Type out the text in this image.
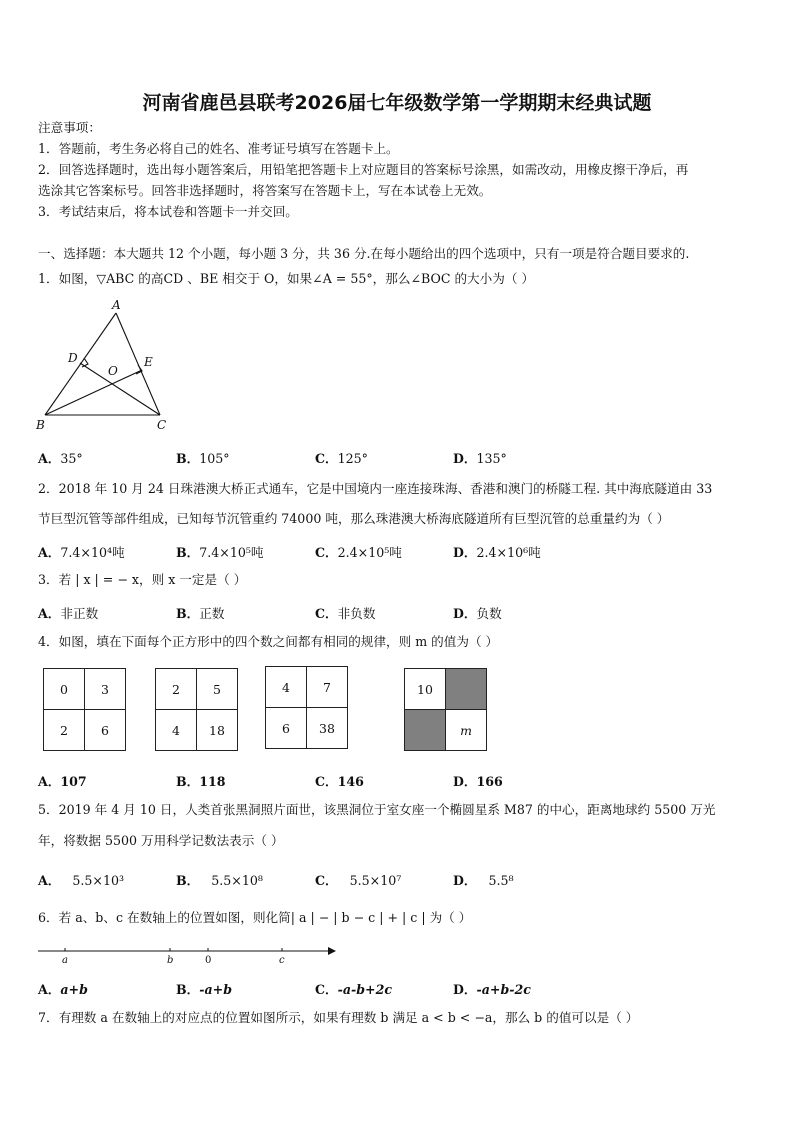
河南省鹿邑县联考2026届七年级数学第一学期期末经典试题
注意事项：
1．答题前，考生务必将自己的姓名、准考证号填写在答题卡上。
2．回答选择题时，选出每小题答案后，用铅笔把答题卡上对应题目的答案标号涂黑，如需改动，用橡皮擦干净后，再
选涂其它答案标号。回答非选择题时，将答案写在答题卡上，写在本试卷上无效。
3．考试结束后，将本试卷和答题卡一并交回。
一、选择题：本大题共 12 个小题，每小题 3 分，共 36 分.在每小题给出的四个选项中，只有一项是符合题目要求的.
1．如图，▽ABC 的高CD 、BE 相交于 O，如果∠A = 55°，那么∠BOC 的大小为（ ）
A
B	C
D	E
O
A．35°	B．105°	C．125°	D．135°
2．2018 年 10 月 24 日珠港澳大桥正式通车，它是中国境内一座连接珠海、香港和澳门的桥隧工程. 其中海底隧道由 33
节巨型沉管等部件组成，已知每节沉管重约 74000 吨，那么珠港澳大桥海底隧道所有巨型沉管的总重量约为（ ）
A．7.4×10⁴吨	B．7.4×10⁵吨	C．2.4×10⁵吨	D．2.4×10⁶吨
3．若 | x | = − x，则 x 一定是（ ）
A．非正数	B．正数	C．非负数	D．负数
4．如图，填在下面每个正方形中的四个数之间都有相同的规律，则 m 的值为（ ）
0	3
2	6
2	5
4	18
4	7
6	38
10	
	m
A．107	B．118	C．146	D．166
5．2019 年 4 月 10 日，人类首张黑洞照片面世，该黑洞位于室女座一个椭圆星系 M87 的中心，距离地球约 5500 万光
年，将数据 5500 万用科学记数法表示（ ）
A． 5.5×10³	B． 5.5×10⁸	C． 5.5×10⁷	D． 5.5⁸
6．若 a、b、c 在数轴上的位置如图，则化简| a | − | b − c | + | c | 为（ ）
a	b	0	c
A．a+b	B．-a+b	C．-a-b+2c	D．-a+b-2c
7．有理数 a 在数轴上的对应点的位置如图所示，如果有理数 b 满足 a < b < −a，那么 b 的值可以是（ ）
